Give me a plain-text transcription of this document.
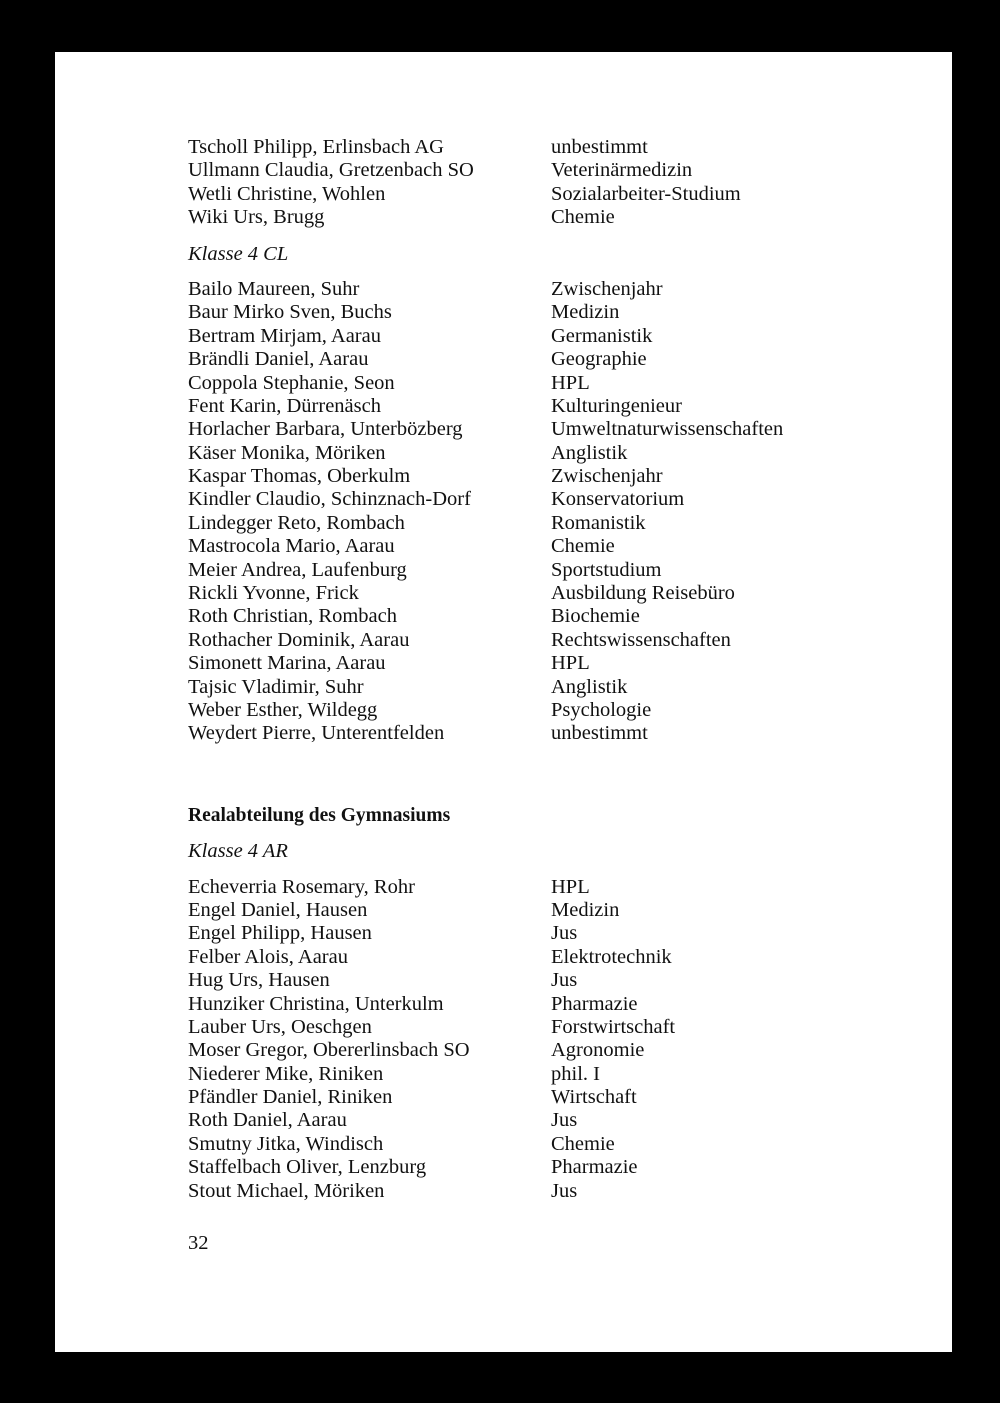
Tscholl Philipp, Erlinsbach AG	unbestimmt
Ullmann Claudia, Gretzenbach SO	Veterinärmedizin
Wetli Christine, Wohlen	Sozialarbeiter-Studium
Wiki Urs, Brugg	Chemie
Klasse 4 CL
Bailo Maureen, Suhr	Zwischenjahr
Baur Mirko Sven, Buchs	Medizin
Bertram Mirjam, Aarau	Germanistik
Brändli Daniel, Aarau	Geographie
Coppola Stephanie, Seon	HPL
Fent Karin, Dürrenäsch	Kulturingenieur
Horlacher Barbara, Unterbözberg	Umweltnaturwissenschaften
Käser Monika, Möriken	Anglistik
Kaspar Thomas, Oberkulm	Zwischenjahr
Kindler Claudio, Schinznach-Dorf	Konservatorium
Lindegger Reto, Rombach	Romanistik
Mastrocola Mario, Aarau	Chemie
Meier Andrea, Laufenburg	Sportstudium
Rickli Yvonne, Frick	Ausbildung Reisebüro
Roth Christian, Rombach	Biochemie
Rothacher Dominik, Aarau	Rechtswissenschaften
Simonett Marina, Aarau	HPL
Tajsic Vladimir, Suhr	Anglistik
Weber Esther, Wildegg	Psychologie
Weydert Pierre, Unterentfelden	unbestimmt
Realabteilung des Gymnasiums
Klasse 4 AR
Echeverria Rosemary, Rohr	HPL
Engel Daniel, Hausen	Medizin
Engel Philipp, Hausen	Jus
Felber Alois, Aarau	Elektrotechnik
Hug Urs, Hausen	Jus
Hunziker Christina, Unterkulm	Pharmazie
Lauber Urs, Oeschgen	Forstwirtschaft
Moser Gregor, Obererlinsbach SO	Agronomie
Niederer Mike, Riniken	phil. I
Pfändler Daniel, Riniken	Wirtschaft
Roth Daniel, Aarau	Jus
Smutny Jitka, Windisch	Chemie
Staffelbach Oliver, Lenzburg	Pharmazie
Stout Michael, Möriken	Jus
32
